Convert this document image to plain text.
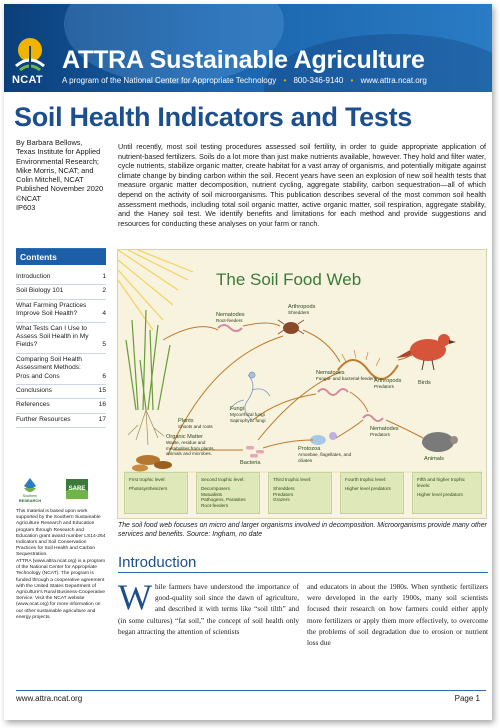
NCAT
ATTRA Sustainable Agriculture
A program of the National Center for Appropriate Technology • 800-346-9140 • www.attra.ncat.org
Soil Health Indicators and Tests
By Barbara Bellows,
Texas Institute for Applied
Environmental Research;
Mike Morris, NCAT; and
Colin Mitchell, NCAT
Published November 2020
©NCAT
IP603
Contents
Introduction	1
Soil Biology 101	2
What Farming Practices Improve Soil Health?	4
What Tests Can I Use to Assess Soil Health in My Fields?	5
Comparing Soil Health Assessment Methods: Pros and Cons	6
Conclusions	15
References	16
Further Resources	17
Southern
RESEARCH
SARE
This material is based upon work supported by the Southern Sustainable Agriculture Research and Education program through Research and Education grant award number LS14-264 Indicators and Soil Conservation Practices for Soil Health and Carbon Sequestration.
ATTRA (www.attra.ncat.org) is a program of the National Center for Appropriate Technology (NCAT). The program is funded through a cooperative agreement with the United States Department of Agriculture's Rural Business-Cooperative Service. Visit the NCAT website (www.ncat.org) for more information on our other sustainable agriculture and energy projects.
Until recently, most soil testing procedures assessed soil fertility, in order to guide appropriate application of nutrient-based fertilizers. Soils do a lot more than just make nutrients available, however. They hold and filter water, cycle nutrients, stabilize organic matter, create habitat for a vast array of organisms, and potentially mitigate against climate change by binding carbon within the soil. Recent years have seen an explosion of new soil health tests that measure organic matter decomposition, nutrient cycling, aggregate stability, carbon sequestration—all of which depend on the activity of soil microorganisms. This publication describes several of the most common soil health assessment methods, including total soil organic matter, active organic matter, soil respiration, aggregate stability, and the Haney soil test. We identify benefits and limitations for each method and provide suggestions and resources for conducting these analyses on your farm or ranch.
The Soil Food Web
Nematodes
Root-feeders
Arthropods
Shredders
Fungi
Mycorrhizal fungi
Saprophytic fungi
Plants
Shoots and roots
Nematodes
Fungal- and bacterial-feeders
Arthropods
Predators
Birds
Organic Matter
Waste, residue and metabolites from plants, animals and microbes.
Protozoa
Amoebae, flagellates, and ciliates
Nematodes
Predators
Bacteria
Animals
First trophic level:
Photosynthesizers
Second trophic level:
Decomposers
Mutualists
Pathogens, Parasites
Root-feeders
Third trophic level:
Shredders
Predators
Grazers
Fourth trophic level:
Higher level predators
Fifth and higher trophic levels:
Higher level predators
The soil food web focuses on micro and larger organisms involved in decomposition. Microorganisms provide many other services and benefits. Source: Ingham, no date
Introduction
While farmers have understood the importance of good-quality soil since the dawn of agriculture, and described it with terms like “soil tilth” and (in some cultures) “fat soil,” the concept of soil health only began attracting the attention of scientists
and educators in about the 1980s. When synthetic fertilizers were developed in the early 1900s, many soil scientists focused their research on how farmers could either apply more fertilizers or apply them more effectively, to overcome the problems of soil degradation due to erosion or nutrient loss due
www.attra.ncat.org	Page 1
